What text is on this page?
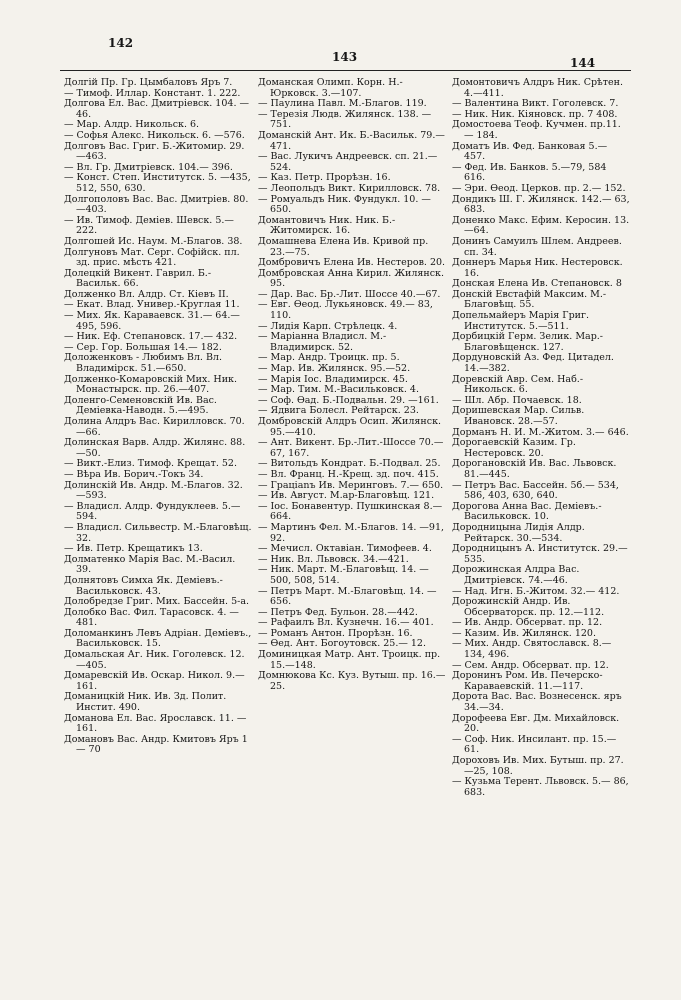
142
143	144

Долгiй Пр. Гр. Цымбаловъ Яръ 7.

— Тимоф. Иллар. Констант. 1. 222.

Долгова Ел. Вас. Дмитрiевск. 104. —46.

— Мар. Алдр. Никольск. 6.

— Софья Алекс. Никольск. 6. —576.

Долговъ Вас. Григ. Б.-Житомир. 29.—463.

— Вл. Гр. Дмитрiевск. 104.— 396.

— Конст. Степ. Институтск. 5. —435, 512, 550, 630.

Долгополовъ Вас. Вас. Дмитрiев. 80.—403.

— Ив. Тимоф. Деміев. Шевск. 5.—222.

Долгошей Ис. Наум. М.-Благов. 38.

Долгуновъ Мат. Серг. Софiйск. пл. зд. прис. мѣсть 421.

Долецкiй Викент. Гаврил. Б.-Васильк. 66.

Долженко Вл. Алдр. Ст. Кiевъ II.

— Екат. Влад. Универ.-Круглая 11.

— Мих. Як. Караваевск. 31.— 64.—495, 596.

— Ник. Еф. Степановск. 17.— 432.

— Сер. Гор. Большая 14.— 182.

Доложенковъ - Любимъ Вл. Вл. Владимiрск. 51.—650.

Долженко-Комаровскiй Мих. Ник. Монастырск. пр. 26.—407.

Доленго-Семеновскiй Ив. Вас. Демiевка-Наводн. 5.—495.

Долина Алдръ Вас. Кирилловск. 70.—66.

Долинская Варв. Алдр. Жилянс. 88.—50.

— Викт.-Елиз. Тимоф. Крещат. 52.

— Вѣра Ив. Борич.-Токъ 34.

Долинскiй Ив. Андр. М.-Благов. 32.—593.

— Владисл. Алдр. Фундуклеев. 5.—594.

— Владисл. Сильвестр. М.-Благовѣщ. 32.

— Ив. Петр. Крещатикъ 13.

Долматенко Марiя Вас. М.-Васил. 39.

Долнятовъ Симха Як. Деміевъ.-Васильковск. 43.

Долобредзе Григ. Мих. Бассейн. 5-а.

Долобко Вас. Фил. Тарасовск. 4. —481.

Доломанкинъ Левъ Адрiан. Деміевъ., Васильковск. 15.

Домальская Аг. Ник. Гоголевск. 12.—405.

Домаревскiй Ив. Оскар. Никол. 9.—161.

Доманицкiй Ник. Ив. Зд. Полит. Инстит. 490.

Доманова Ел. Вас. Ярославск. 11. —161.

Домановъ Вас. Андр. Кмитовъ Яръ 1 — 70

Доманская Олимп. Корн. Н.-Юрковск. 3.—107.

— Паулина Павл. М.-Благов. 119.

— Терезiя Людв. Жилянск. 138. —751.

Доманскiй Ант. Ик. Б.-Васильк. 79.—471.

— Вас. Лукичъ Андреевск. сп. 21.—524.

— Каз. Петр. Прорѣзн. 16.

— Леопольдъ Викт. Кирилловск. 78.

— Ромуальдъ Ник. Фундукл. 10. —650.

Домантовичъ Ник. Ник. Б.-Житомирск. 16.

Домашнева Елена Ив. Кривой пр. 23.—75.

Домбровичъ Елена Ив. Нестеров. 20.

Домбровская Анна Кирил. Жилянск. 95.

— Дар. Вас. Бр.-Лит. Шоссе 40.—67.

— Евг. Өеод. Лукьяновск. 49.— 83, 110.

— Лидiя Карп. Стрѣлецк. 4.

— Марiанна Владисл. М.-Владимирск. 52.

— Мар. Андр. Троицк. пр. 5.

— Мар. Ив. Жилянск. 95.—52.

— Марiя Іос. Владимирск. 45.

— Мар. Тим. М.-Васильковск. 4.

— Соф. Өад. Б.-Подвальн. 29. —161.

— Ядвига Болесл. Рейтарск. 23.

Домбровскiй Алдръ Осип. Жилянск. 95.—410.

— Ант. Викент. Бр.-Лит.-Шоссе 70.—67, 167.

— Витольдъ Кондрат. Б.-Подвал. 25.

— Вл. Франц. Н.-Крещ. зд. поч. 415.

— Грацianъ Ив. Меринговъ. 7.— 650.

— Ив. Август. М.ар-Благовѣщ. 121.

— Іос. Бонавентур. Пушкинская 8.—664.

— Мартинъ Фел. М.-Благов. 14. —91, 92.

— Мечисл. Октавiан. Тимофеев. 4.

— Ник. Вл. Львовск. 34.—421.

— Ник. Март. М.-Благовѣщ. 14. —500, 508, 514.

— Петръ Март. М.-Благовѣщ. 14. —656.

— Петръ Фед. Бульон. 28.—442.

— Рафаилъ Вл. Кузнечн. 16.— 401.

— Романъ Антон. Прорѣзн. 16.

— Өед. Ант. Богоутовск. 25.— 12.

Доминицкая Матр. Ант. Троицк. пр. 15.—148.

Домнюкова Кс. Куз. Вутыш. пр. 16.—25.

Домонтовичъ Алдръ Ник. Срѣтен. 4.—411.

— Валентина Викт. Гоголевск. 7.

— Ник. Ник. Кiяновск. пр. 7 408.

Домостоева Теоф. Кучмен. пр.11.— 184.

Доматъ Ив. Фед. Банковая 5.— 457.

— Фед. Ив. Банков. 5.—79, 584 616.

— Эри. Өеод. Церков. пр. 2.— 152.

Дондикъ Ш. Г. Жилянск. 142.— 63, 683.

Доненко Макс. Ефим. Керосин. 13.—64.

Донинъ Самуилъ Шлем. Андреев. сп. 34.

Доннеръ Марья Ник. Нестеровск. 16.

Донская Елена Ив. Степановск. 8

Донскiй Евстафiй Максим. М.-Благовѣщ. 55.

Допельмайеръ Марiя Григ. Институтск. 5.—511.

Дорбицкiй Герм. Зелик. Мар.-Благовѣщенск. 127.

Дордуновскiй Аз. Фед. Цитадел. 14.—382.

Доревскiй Авр. Сем. Наб.-Никольск. 6.

— Шл. Абр. Почаевск. 18.

Доришевская Мар. Сильв. Ивановск. 28.—57.

Дорманъ Н. И. М.-Житом. 3.— 646.

Дорогаевскiй Казим. Гр. Нестеровск. 20.

Дорогановскiй Ив. Вас. Львовск. 81.—445.

— Петръ Вас. Бассейн. 5б.— 534, 586, 403, 630, 640.

Дорогова Анна Вас. Деміевъ.-Васильковск. 10.

Дородницына Лидiя Алдр. Рейтарск. 30.—534.

Дородницынъ А. Институтск. 29.— 535.

Дорожинская Алдра Вас. Дмитрiевск. 74.—46.

— Над. Игн. Б.-Житом. 32.— 412.

Дорожинскiй Андр. Ив. Обсерваторск. пр. 12.—112.

— Ив. Андр. Обсерват. пр. 12.

— Казим. Ив. Жилянск. 120.

— Мих. Андр. Святославск. 8.— 134, 496.

— Сем. Андр. Обсерват. пр. 12.

Доронинъ Ром. Ив. Печерско-Караваевскiй. 11.—117.

Дорота Вас. Вас. Вознесенск. яръ 34.—34.

Дорофеева Евг. Дм. Михайловск. 20.

— Соф. Ник. Инсилант. пр. 15.— 61.

Дороховъ Ив. Мих. Бутыш. пр. 27.—25, 108.

— Кузьма Терент. Львовск. 5.— 86, 683.
